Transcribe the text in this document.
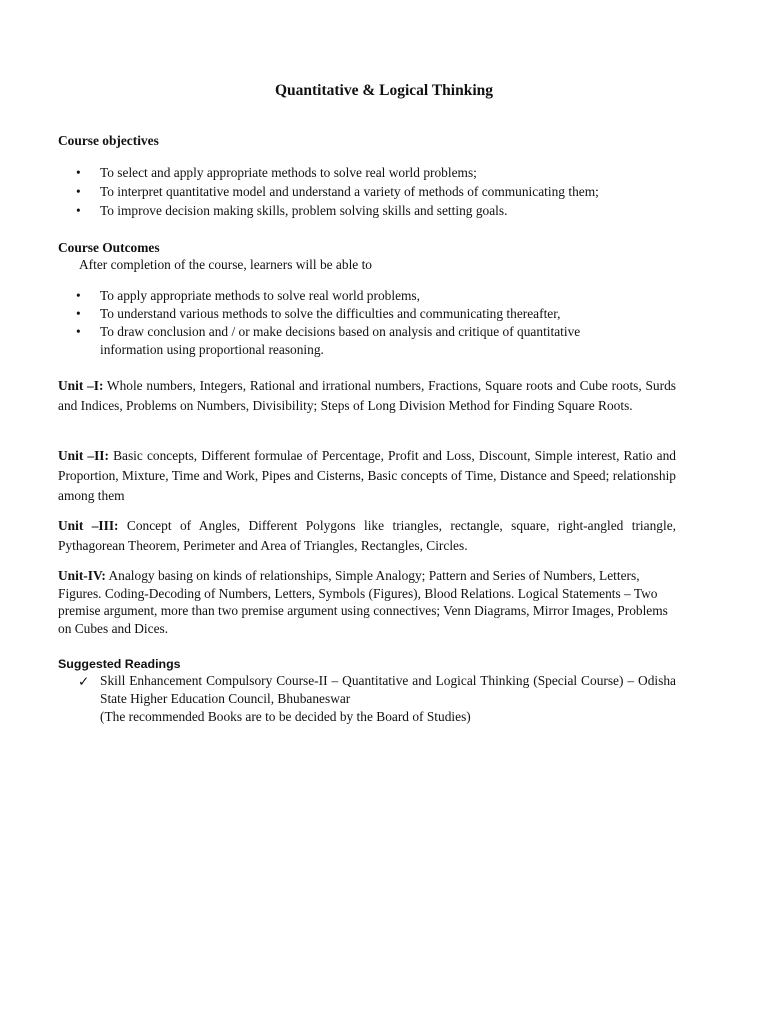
Quantitative & Logical Thinking
Course objectives
• To select and apply appropriate methods to solve real world problems;
• To interpret quantitative model and understand a variety of methods of communicating them;
• To improve decision making skills, problem solving skills and setting goals.
Course Outcomes
After completion of the course, learners will be able to
• To apply appropriate methods to solve real world problems,
• To understand various methods to solve the difficulties and communicating thereafter,
• To draw conclusion and / or make decisions based on analysis and critique of quantitative information using proportional reasoning.
Unit –I: Whole numbers, Integers, Rational and irrational numbers, Fractions, Square roots and Cube roots, Surds and Indices, Problems on Numbers, Divisibility; Steps of Long Division Method for Finding Square Roots.
Unit –II: Basic concepts, Different formulae of Percentage, Profit and Loss, Discount, Simple interest, Ratio and Proportion, Mixture, Time and Work, Pipes and Cisterns, Basic concepts of Time, Distance and Speed; relationship among them
Unit –III: Concept of Angles, Different Polygons like triangles, rectangle, square, right-angled triangle, Pythagorean Theorem, Perimeter and Area of Triangles, Rectangles, Circles.
Unit-IV: Analogy basing on kinds of relationships, Simple Analogy; Pattern and Series of Numbers, Letters, Figures. Coding-Decoding of Numbers, Letters, Symbols (Figures), Blood Relations. Logical Statements – Two premise argument, more than two premise argument using connectives; Venn Diagrams, Mirror Images, Problems on Cubes and Dices.
Suggested Readings
✓ Skill Enhancement Compulsory Course-II – Quantitative and Logical Thinking (Special Course) – Odisha State Higher Education Council, Bhubaneswar
(The recommended Books are to be decided by the Board of Studies)
